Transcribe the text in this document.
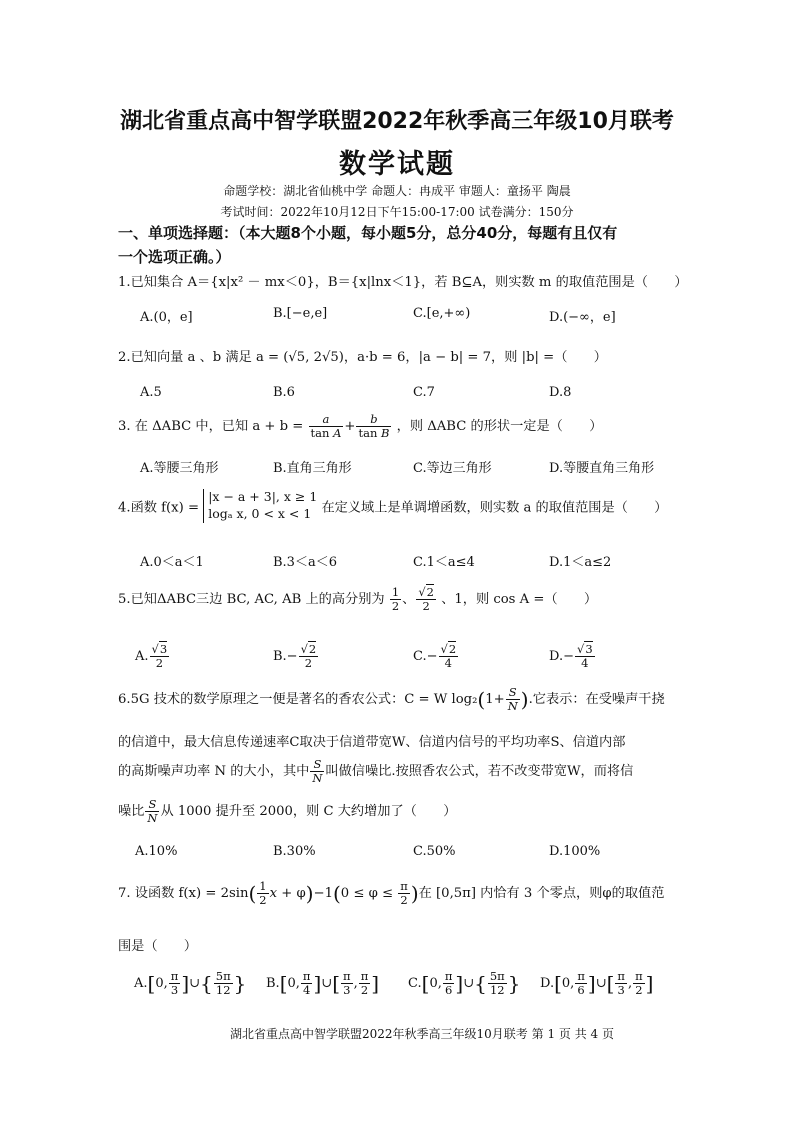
湖北省重点高中智学联盟2022年秋季高三年级10月联考
数学试题
命题学校：湖北省仙桃中学 命题人：冉成平 审题人：童扬平 陶晨
考试时间：2022年10月12日下午15:00-17:00 试卷满分：150分
一、单项选择题：（本大题8个小题，每小题5分，总分40分，每题有且仅有
一个选项正确。）
1.已知集合 A＝{x|x² － mx＜0}，B＝{x|lnx＜1}，若 B⊆A，则实数 m 的取值范围是（　　）
A.(0，e]	B.[−e,e]	C.[e,+∞)	D.(−∞，e]
2.已知向量 a 、b 满足 a = (√5, 2√5)，a·b = 6，|a − b| = 7，则 |b| =（　　）
A.5	B.6	C.7	D.8
3. 在 ΔABC 中，已知 $a + b = \frac{a}{\text{tan A}} + \frac{b}{\text{tan B}}$ ，则 ΔABC 的形状一定是（　　）
A.等腰三角形	B.直角三角形	C.等边三角形	D.等腰直角三角形
4.函数 f(x) =
|x − a + 3|, x ≥ 1
logₐ x, 0 < x < 1 在定义域上是单调增函数，则实数 a 的取值范围是（　　）
A.0＜a＜1	B.3＜a＜6	C.1＜a≤4	D.1＜a≤2
5.已知ΔABC三边 BC, AC, AB 上的高分别为 $\frac{1}{2}$ 、 $\frac{√2}{2}$ 、1，则 cos A =（　　）
A. $\frac{√3}{2}$	$B.- \frac{√2}{2}$	$C.- \frac{√2}{4}$	$D.- \frac{√3}{4}$
6.5G 技术的数学原理之一便是著名的香农公式：C = W $\log_2(1+ \frac{S}{N}$ ).它表示：在受噪声干挠
的信道中，最大信息传递速率C取决于信道带宽W、信道内信号的平均功率S、信道内部
的高斯噪声功率 N 的大小，其中 $\frac{S}{N}$ 叫做信噪比.按照香农公式，若不改变带宽W，而将信
噪比 $\frac{S}{N}$ 从 1000 提升至 2000，则 C 大约增加了（　　）
A.10%	B.30%	C.50%	D.100%
7. 设函数 $f(x) = 2\sin( \frac{1}{2}$ $x + \varphi)-1(0 \le \varphi \le \frac{\pi}{2}$ )在 [0,5π] 内恰有 3 个零点，则φ的取值范
围是（　　）
A.[0, $\frac{\pi}{3}$ ]∪{ $\frac{5\pi}{12}$ } B.[0, $\frac{\pi}{4}$ ]∪[ $\frac{\pi}{3}$ , $\frac{\pi}{2}$ ] C.[0, $\frac{\pi}{6}$ ]∪{ $\frac{5\pi}{12}$ } D.[0, $\frac{\pi}{6}$ ]∪[ $\frac{\pi}{3}$ , $\frac{\pi}{2}$ ]
湖北省重点高中智学联盟2022年秋季高三年级10月联考 第 1 页 共 4 页
